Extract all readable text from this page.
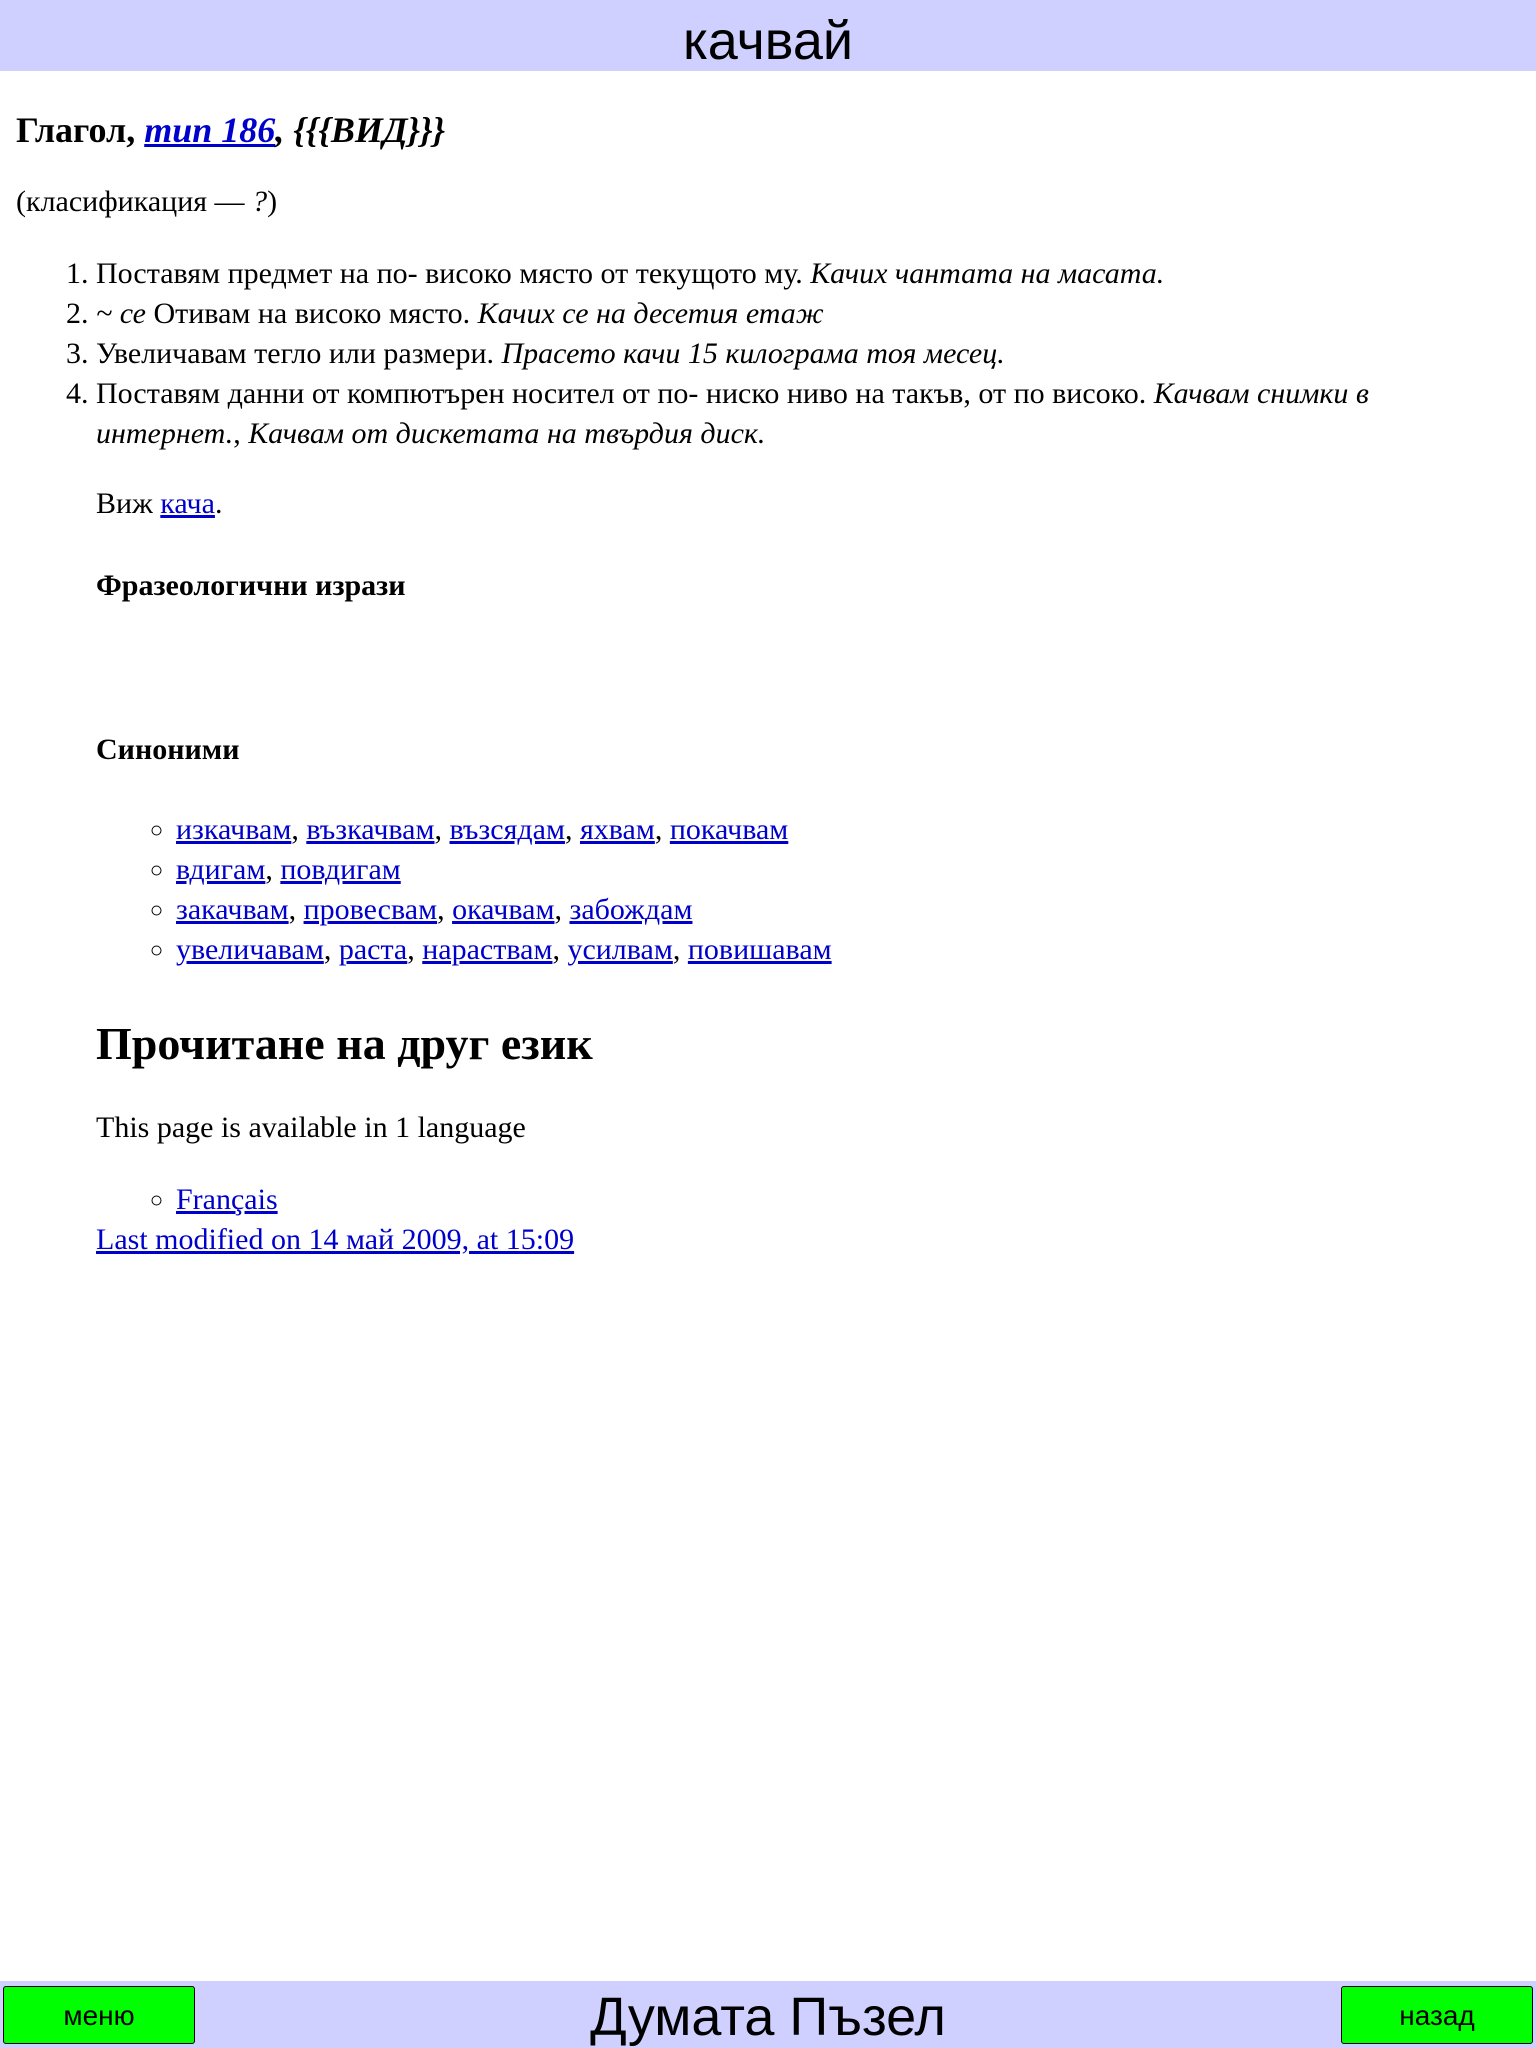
качвай
Глагол, тип 186, {{{ВИД}}}
(класификация — ?)
1. Поставям предмет на по- високо място от текущото му. Качих чантата на масата.
2. ~ се Отивам на високо място. Качих се на десетия етаж
3. Увеличавам тегло или размери. Прасето качи 15 килограма тоя месец.
4. Поставям данни от компютърен носител от по- ниско ниво на такъв, от по високо. Качвам снимки в интернет., Качвам от дискетата на твърдия диск.
Виж кача.
Фразеологични изрази
Синоними
◦ изкачвам, възкачвам, възсядам, яхвам, покачвам
◦ вдигам, повдигам
◦ закачвам, провесвам, окачвам, забождам
◦ увеличавам, раста, нараствам, усилвам, повишавам
Прочитане на друг език
This page is available in 1 language
◦ Français
Last modified on 14 май 2009, at 15:09
Думата Пъзел
меню	назад
